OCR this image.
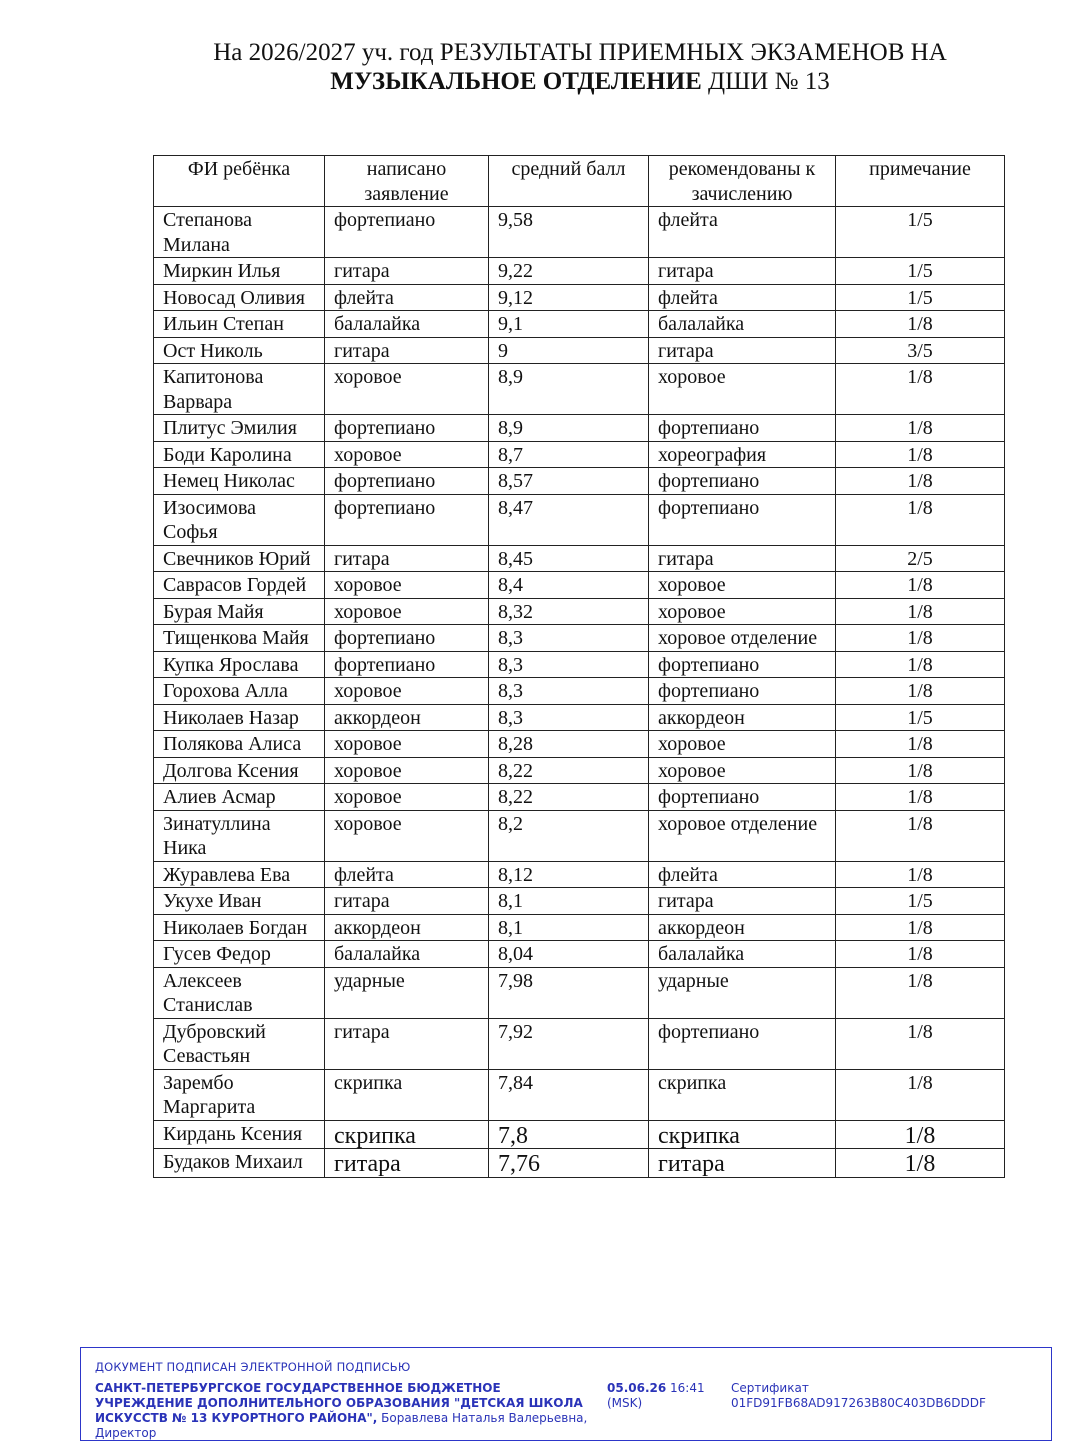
На 2026/2027 уч. год РЕЗУЛЬТАТЫ ПРИЕМНЫХ ЭКЗАМЕНОВ НА
МУЗЫКАЛЬНОЕ ОТДЕЛЕНИЕ ДШИ № 13
ФИ ребёнка	написано заявление	средний балл	рекомендованы к зачислению	примечание
Степанова Милана	фортепиано	9,58	флейта	1/5
Миркин Илья	гитара	9,22	гитара	1/5
Новосад Оливия	флейта	9,12	флейта	1/5
Ильин Степан	балалайка	9,1	балалайка	1/8
Ост Николь	гитара	9	гитара	3/5
Капитонова Варвара	хоровое	8,9	хоровое	1/8
Плитус Эмилия	фортепиано	8,9	фортепиано	1/8
Боди Каролина	хоровое	8,7	хореография	1/8
Немец Николас	фортепиано	8,57	фортепиано	1/8
Изосимова Софья	фортепиано	8,47	фортепиано	1/8
Свечников Юрий	гитара	8,45	гитара	2/5
Саврасов Гордей	хоровое	8,4	хоровое	1/8
Бурая Майя	хоровое	8,32	хоровое	1/8
Тищенкова Майя	фортепиано	8,3	хоровое отделение	1/8
Купка Ярослава	фортепиано	8,3	фортепиано	1/8
Горохова Алла	хоровое	8,3	фортепиано	1/8
Николаев Назар	аккордеон	8,3	аккордеон	1/5
Полякова Алиса	хоровое	8,28	хоровое	1/8
Долгова Ксения	хоровое	8,22	хоровое	1/8
Алиев Асмар	хоровое	8,22	фортепиано	1/8
Зинатуллина Ника	хоровое	8,2	хоровое отделение	1/8
Журавлева Ева	флейта	8,12	флейта	1/8
Укухе Иван	гитара	8,1	гитара	1/5
Николаев Богдан	аккордеон	8,1	аккордеон	1/8
Гусев Федор	балалайка	8,04	балалайка	1/8
Алексеев Станислав	ударные	7,98	ударные	1/8
Дубровский Севастьян	гитара	7,92	фортепиано	1/8
Зарембо Маргарита	скрипка	7,84	скрипка	1/8
Кирдань Ксения	скрипка	7,8	скрипка	1/8
Будаков Михаил	гитара	7,76	гитара	1/8
ДОКУМЕНТ ПОДПИСАН ЭЛЕКТРОННОЙ ПОДПИСЬЮ
САНКТ-ПЕТЕРБУРГСКОЕ ГОСУДАРСТВЕННОЕ БЮДЖЕТНОЕ УЧРЕЖДЕНИЕ ДОПОЛНИТЕЛЬНОГО ОБРАЗОВАНИЯ "ДЕТСКАЯ ШКОЛА ИСКУССТВ № 13 КУРОРТНОГО РАЙОНА", Боравлева Наталья Валерьевна, Директор
05.06.26 16:41
(MSK)
Сертификат 01FD91FB68AD917263B80C403DB6DDDF
